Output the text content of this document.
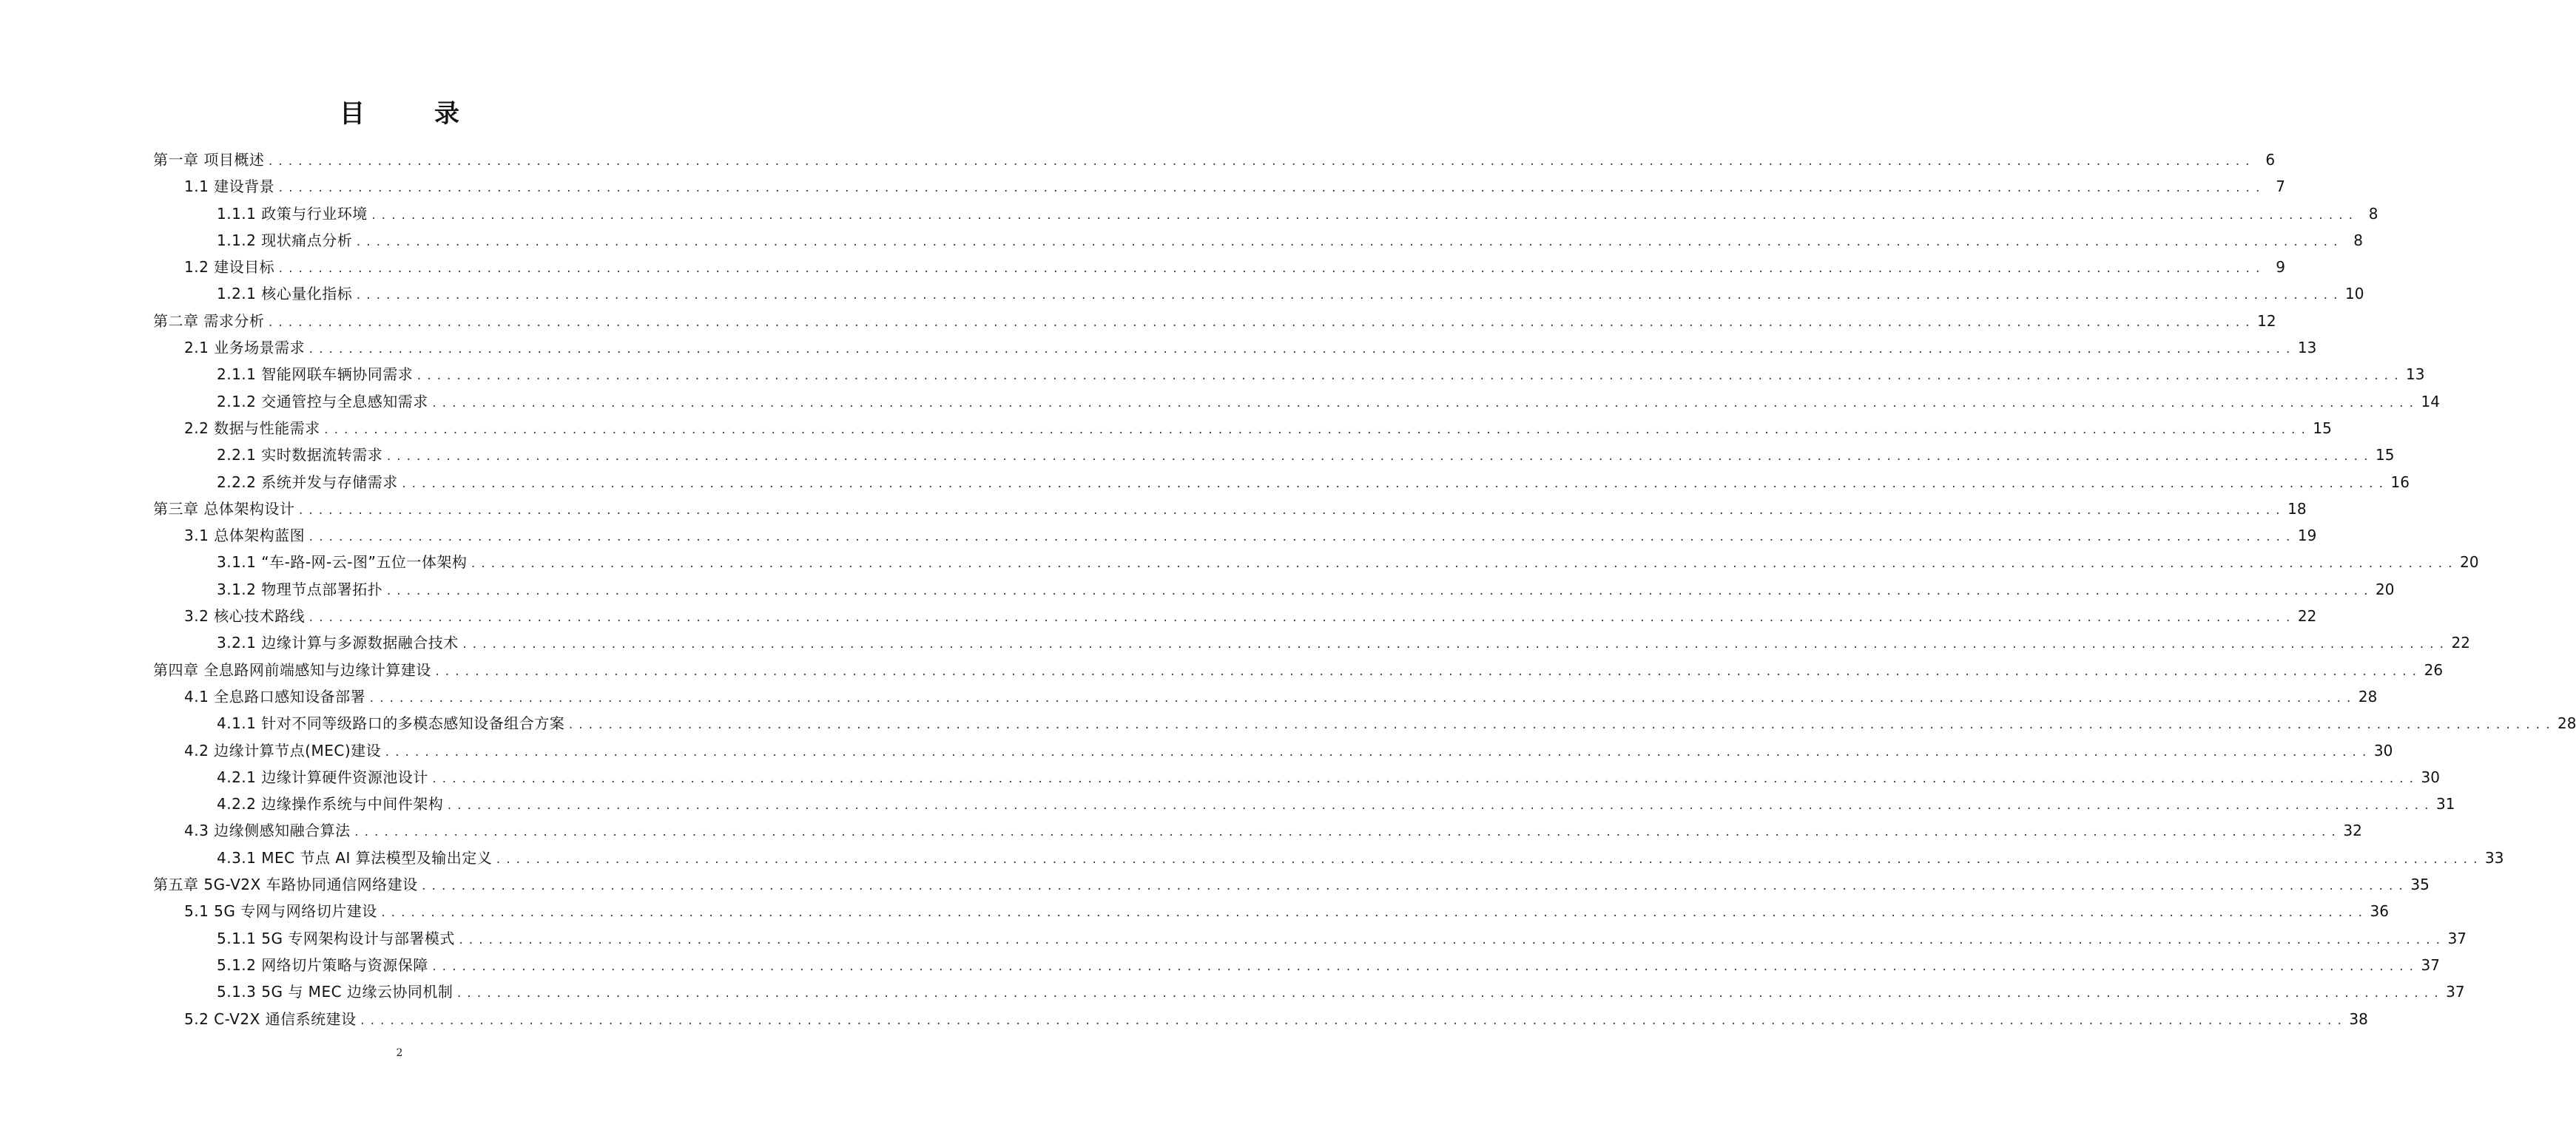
目　录
第一章 项目概述 ........................................................................................................................................................................................................ 6
1.1 建设背景 ........................................................................................................................................................................................................ 7
1.1.1 政策与行业环境 ........................................................................................................................................................................................................ 8
1.1.2 现状痛点分析 ........................................................................................................................................................................................................ 8
1.2 建设目标 ........................................................................................................................................................................................................ 9
1.2.1 核心量化指标 ........................................................................................................................................................................................................ 10
第二章 需求分析 ........................................................................................................................................................................................................ 12
2.1 业务场景需求 ........................................................................................................................................................................................................ 13
2.1.1 智能网联车辆协同需求 ........................................................................................................................................................................................................ 13
2.1.2 交通管控与全息感知需求 ........................................................................................................................................................................................................ 14
2.2 数据与性能需求 ........................................................................................................................................................................................................ 15
2.2.1 实时数据流转需求 ........................................................................................................................................................................................................ 15
2.2.2 系统并发与存储需求 ........................................................................................................................................................................................................ 16
第三章 总体架构设计 ........................................................................................................................................................................................................ 18
3.1 总体架构蓝图 ........................................................................................................................................................................................................ 19
3.1.1 “车-路-网-云-图”五位一体架构 ........................................................................................................................................................................................................ 20
3.1.2 物理节点部署拓扑 ........................................................................................................................................................................................................ 20
3.2 核心技术路线 ........................................................................................................................................................................................................ 22
3.2.1 边缘计算与多源数据融合技术 ........................................................................................................................................................................................................ 22
第四章 全息路网前端感知与边缘计算建设 ........................................................................................................................................................................................................ 26
4.1 全息路口感知设备部署 ........................................................................................................................................................................................................ 28
4.1.1 针对不同等级路口的多模态感知设备组合方案 ........................................................................................................................................................................................................ 28
4.2 边缘计算节点(MEC)建设 ........................................................................................................................................................................................................ 30
4.2.1 边缘计算硬件资源池设计 ........................................................................................................................................................................................................ 30
4.2.2 边缘操作系统与中间件架构 ........................................................................................................................................................................................................ 31
4.3 边缘侧感知融合算法 ........................................................................................................................................................................................................ 32
4.3.1 MEC 节点 AI 算法模型及输出定义 ........................................................................................................................................................................................................ 33
第五章 5G-V2X 车路协同通信网络建设 ........................................................................................................................................................................................................ 35
5.1 5G 专网与网络切片建设 ........................................................................................................................................................................................................ 36
5.1.1 5G 专网架构设计与部署模式 ........................................................................................................................................................................................................ 37
5.1.2 网络切片策略与资源保障 ........................................................................................................................................................................................................ 37
5.1.3 5G 与 MEC 边缘云协同机制 ........................................................................................................................................................................................................ 37
5.2 C-V2X 通信系统建设 ........................................................................................................................................................................................................ 38
2
